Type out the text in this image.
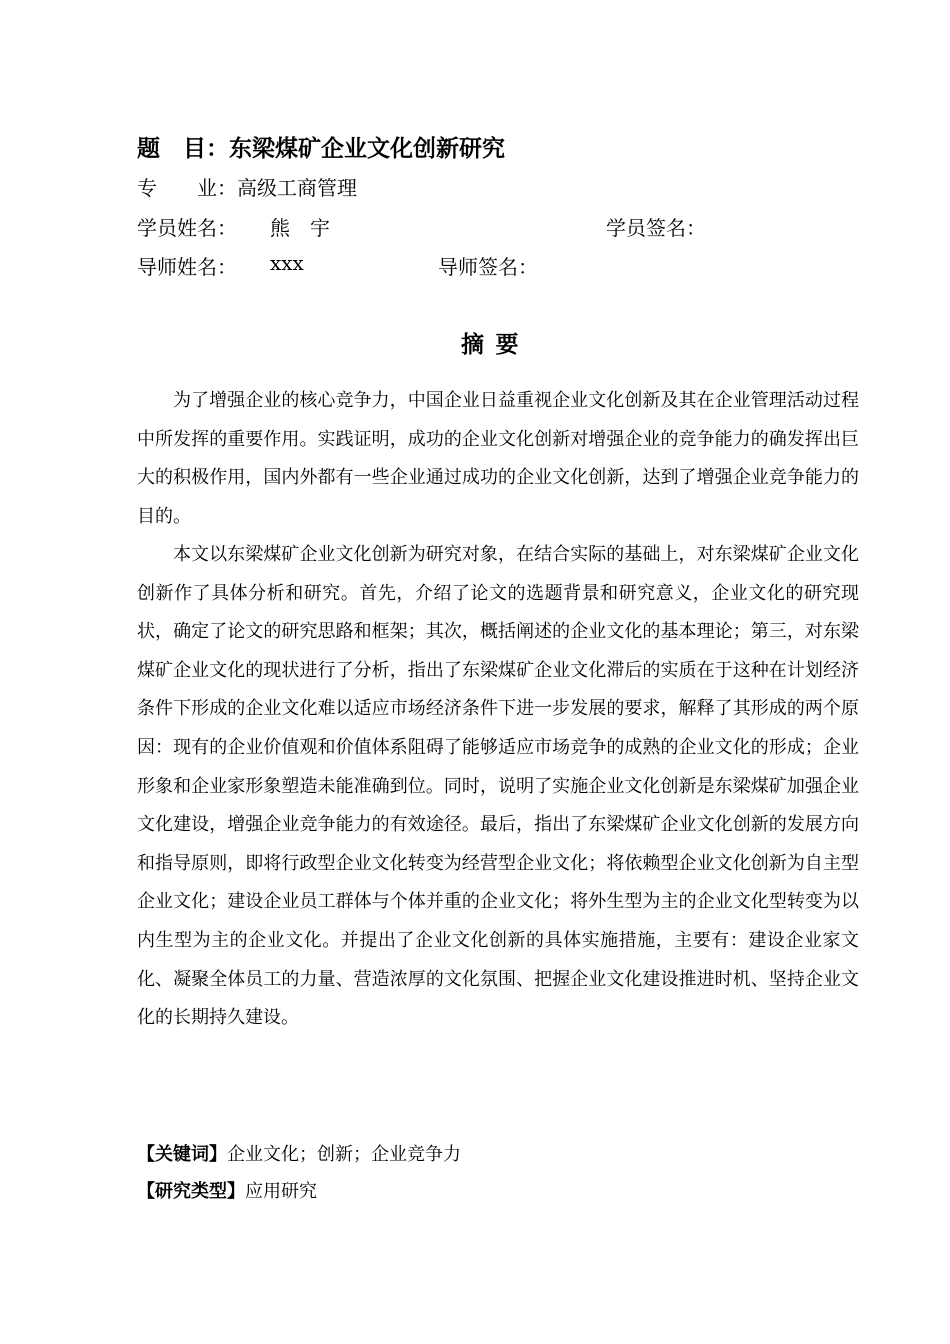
题　目：东梁煤矿企业文化创新研究
专　　业：高级工商管理
学员姓名： 熊　宇	学员签名：
导师姓名： xxx	导师签名：
摘要

为了增强企业的核心竞争力，中国企业日益重视企业文化创新及其在企业管理活动过程中所发挥的重要作用。实践证明，成功的企业文化创新对增强企业的竞争能力的确发挥出巨大的积极作用，国内外都有一些企业通过成功的企业文化创新，达到了增强企业竞争能力的目的。

本文以东梁煤矿企业文化创新为研究对象，在结合实际的基础上，对东梁煤矿企业文化创新作了具体分析和研究。首先，介绍了论文的选题背景和研究意义，企业文化的研究现状，确定了论文的研究思路和框架；其次，概括阐述的企业文化的基本理论；第三，对东梁煤矿企业文化的现状进行了分析，指出了东梁煤矿企业文化滞后的实质在于这种在计划经济条件下形成的企业文化难以适应市场经济条件下进一步发展的要求，解释了其形成的两个原因：现有的企业价值观和价值体系阻碍了能够适应市场竞争的成熟的企业文化的形成；企业形象和企业家形象塑造未能准确到位。同时，说明了实施企业文化创新是东梁煤矿加强企业文化建设，增强企业竞争能力的有效途径。最后，指出了东梁煤矿企业文化创新的发展方向和指导原则，即将行政型企业文化转变为经营型企业文化；将依赖型企业文化创新为自主型企业文化；建设企业员工群体与个体并重的企业文化；将外生型为主的企业文化型转变为以内生型为主的企业文化。并提出了企业文化创新的具体实施措施，主要有：建设企业家文化、凝聚全体员工的力量、营造浓厚的文化氛围、把握企业文化建设推进时机、坚持企业文化的长期持久建设。

【关键词】企业文化；创新；企业竞争力
【研究类型】应用研究
